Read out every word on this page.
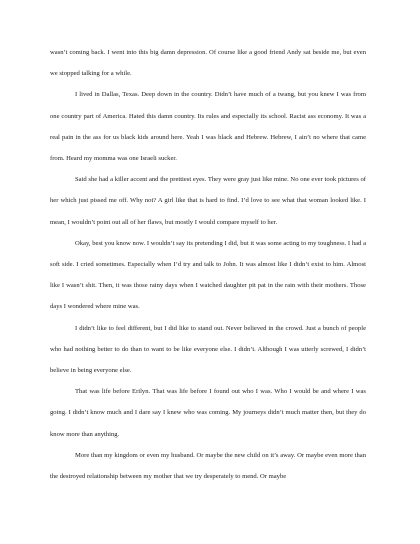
wasn’t coming back. I went into this big damn depression. Of course like a good friend Andy sat beside me, but even we stopped talking for a while.

I lived in Dallas, Texas. Deep down in the country. Didn’t have much of a twang, but you knew I was from one country part of America. Hated this damn country. Its rules and especially its school. Racist ass economy. It was a real pain in the ass for us black kids around here. Yeah I was black and Hebrew. Hebrew, I ain’t no where that came from. Heard my momma was one Israeli sucker.

Said she had a killer accent and the prettiest eyes. They were gray just like mine. No one ever took pictures of her which just pissed me off. Why not? A girl like that is hard to find. I’d love to see what that woman looked like. I mean, I wouldn’t point out all of her flaws, but mostly I would compare myself to her.

Okay, best you know now. I wouldn’t say its pretending I did, but it was some acting to my toughness. I had a soft side. I cried sometimes. Especially when I’d try and talk to John. It was almost like I didn’t exist to him. Almost like I wasn’t shit. Then, it was those rainy days when I watched daughter pit pat in the rain with their mothers. Those days I wondered where mine was.

I didn’t like to feel different, but I did like to stand out. Never believed in the crowd. Just a bunch of people who had nothing better to do than to want to be like everyone else. I didn’t. Although I was utterly screwed, I didn’t believe in being everyone else.

That was life before Erilyn. That was life before I found out who I was. Who I would be and where I was going. I didn’t know much and I dare say I knew who was coming. My journeys didn’t much matter then, but they do know more than anything.

More than my kingdom or even my husband. Or maybe the new child on it’s away. Or maybe even more than the destroyed relationship between my mother that we try desperately to mend. Or maybe
